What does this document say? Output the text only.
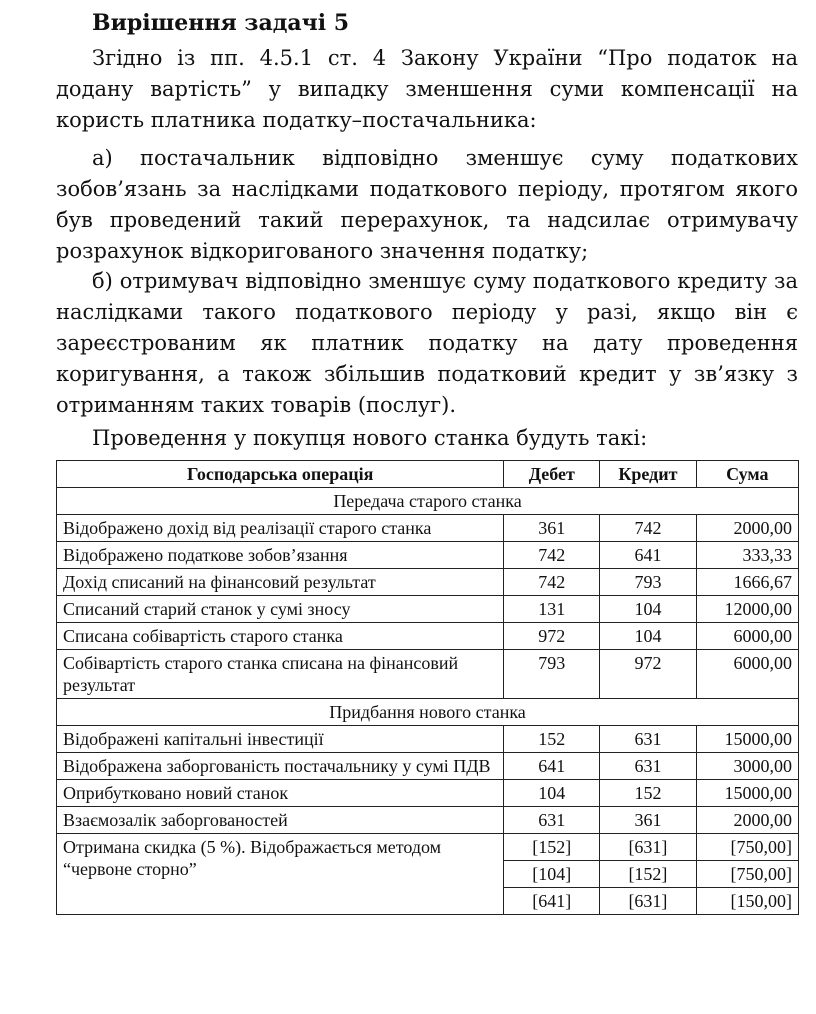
Вирішення задачі 5
Згідно із пп. 4.5.1 ст. 4 Закону України “Про податок на додану вартість” у випадку зменшення суми компенсації на користь платника податку–постачальника:
а) постачальник відповідно зменшує суму податкових зобов’язань за наслідками податкового періоду, протягом якого був проведений такий перерахунок, та надсилає отримувачу розрахунок відкоригованого значення податку;
б) отримувач відповідно зменшує суму податкового кредиту за наслідками такого податкового періоду у разі, якщо він є зареєстрованим як платник податку на дату проведення коригування, а також збільшив податковий кредит у зв’язку з отриманням таких товарів (послуг).
Проведення у покупця нового станка будуть такі:
Господарська операція	Дебет	Кредит	Сума
Передача старого станка			
Відображено дохід від реалізації старого станка	361	742	2000,00
Відображено податкове зобов’язання	742	641	333,33
Дохід списаний на фінансовий результат	742	793	1666,67
Списаний старий станок у сумі зносу	131	104	12000,00
Списана собівартість старого станка	972	104	6000,00
Собівартість старого станка списана на фінансовий результат	793	972	6000,00
Придбання нового станка			
Відображені капітальні інвестиції	152	631	15000,00
Відображена заборгованість постачальнику у сумі ПДВ	641	631	3000,00
Оприбутковано новий станок	104	152	15000,00
Взаємозалік заборгованостей	631	361	2000,00
Отримана скидка (5 %). Відображається методом “червоне сторно”	[152]	[631]	[750,00]
	[104]	[152]	[750,00]
	[641]	[631]	[150,00]
